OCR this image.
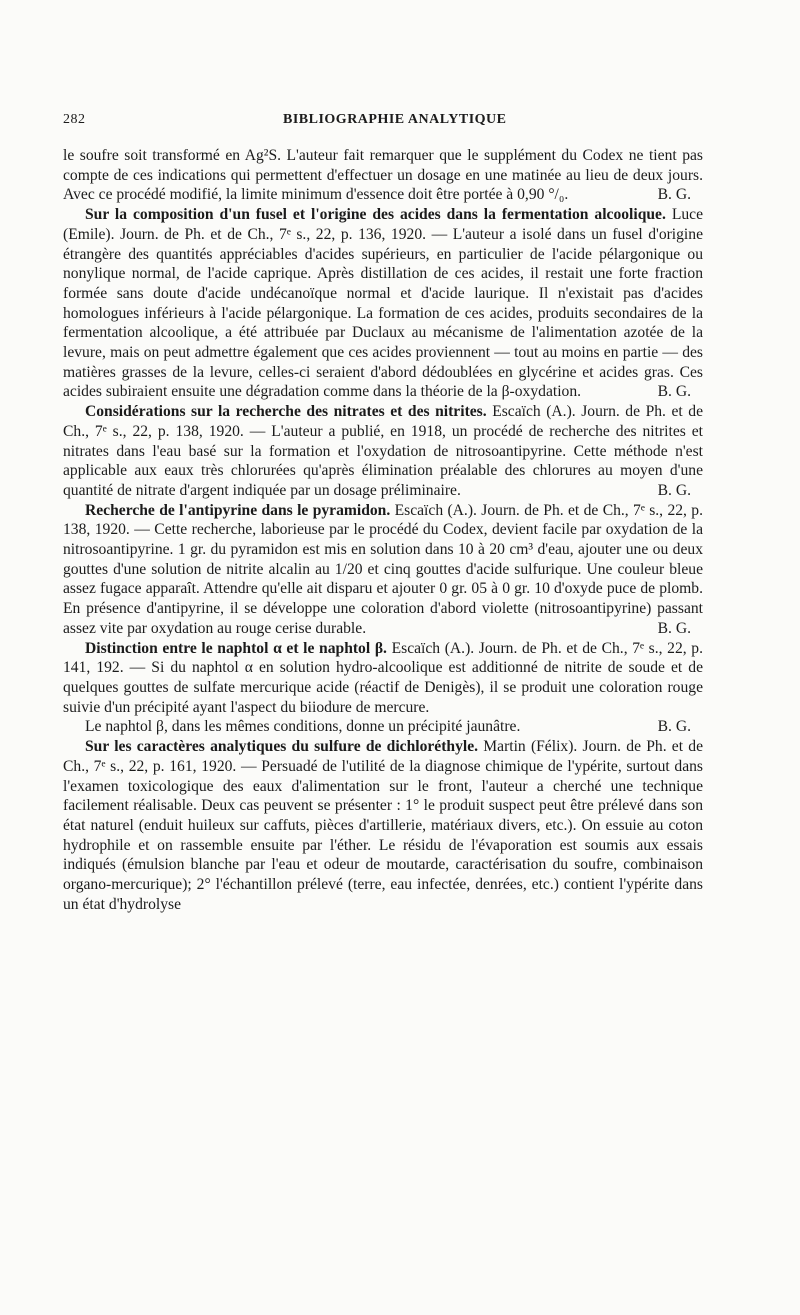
282	BIBLIOGRAPHIE ANALYTIQUE

le soufre soit transformé en Ag²S. L'auteur fait remarquer que le supplément du Codex ne tient pas compte de ces indications qui permettent d'effectuer un dosage en une matinée au lieu de deux jours. Avec ce procédé modifié, la limite minimum d'essence doit être portée à 0,90 °/₀.	B. G.

Sur la composition d'un fusel et l'origine des acides dans la fermentation alcoolique. Luce (Emile). Journ. de Ph. et de Ch., 7ᵉ s., 22, p. 136, 1920. — L'auteur a isolé dans un fusel d'origine étrangère des quantités appréciables d'acides supérieurs, en particulier de l'acide pélargonique ou nonylique normal, de l'acide caprique. Après distillation de ces acides, il restait une forte fraction formée sans doute d'acide undécanoïque normal et d'acide laurique. Il n'existait pas d'acides homologues inférieurs à l'acide pélargonique. La formation de ces acides, produits secondaires de la fermentation alcoolique, a été attribuée par Duclaux au mécanisme de l'alimentation azotée de la levure, mais on peut admettre également que ces acides proviennent — tout au moins en partie — des matières grasses de la levure, celles-ci seraient d'abord dédoublées en glycérine et acides gras. Ces acides subiraient ensuite une dégradation comme dans la théorie de la β-oxydation.	B. G.

Considérations sur la recherche des nitrates et des nitrites. Escaïch (A.). Journ. de Ph. et de Ch., 7ᵉ s., 22, p. 138, 1920. — L'auteur a publié, en 1918, un procédé de recherche des nitrites et nitrates dans l'eau basé sur la formation et l'oxydation de nitrosoantipyrine. Cette méthode n'est applicable aux eaux très chlorurées qu'après élimination préalable des chlorures au moyen d'une quantité de nitrate d'argent indiquée par un dosage préliminaire.	B. G.

Recherche de l'antipyrine dans le pyramidon. Escaïch (A.). Journ. de Ph. et de Ch., 7ᵉ s., 22, p. 138, 1920. — Cette recherche, laborieuse par le procédé du Codex, devient facile par oxydation de la nitrosoantipyrine. 1 gr. du pyramidon est mis en solution dans 10 à 20 cm³ d'eau, ajouter une ou deux gouttes d'une solution de nitrite alcalin au 1/20 et cinq gouttes d'acide sulfurique. Une couleur bleue assez fugace apparaît. Attendre qu'elle ait disparu et ajouter 0 gr. 05 à 0 gr. 10 d'oxyde puce de plomb. En présence d'antipyrine, il se développe une coloration d'abord violette (nitrosoantipyrine) passant assez vite par oxydation au rouge cerise durable.	B. G.

Distinction entre le naphtol α et le naphtol β. Escaïch (A.). Journ. de Ph. et de Ch., 7ᵉ s., 22, p. 141, 192. — Si du naphtol α en solution hydro-alcoolique est additionné de nitrite de soude et de quelques gouttes de sulfate mercurique acide (réactif de Denigès), il se produit une coloration rouge suivie d'un précipité ayant l'aspect du biiodure de mercure.

Le naphtol β, dans les mêmes conditions, donne un précipité jaunâtre.	B. G.

Sur les caractères analytiques du sulfure de dichloréthyle. Martin (Félix). Journ. de Ph. et de Ch., 7ᵉ s., 22, p. 161, 1920. — Persuadé de l'utilité de la diagnose chimique de l'ypérite, surtout dans l'examen toxicologique des eaux d'alimentation sur le front, l'auteur a cherché une technique facilement réalisable. Deux cas peuvent se présenter : 1° le produit suspect peut être prélevé dans son état naturel (enduit huileux sur caffuts, pièces d'artillerie, matériaux divers, etc.). On essuie au coton hydrophile et on rassemble ensuite par l'éther. Le résidu de l'évaporation est soumis aux essais indiqués (émulsion blanche par l'eau et odeur de moutarde, caractérisation du soufre, combinaison organo-mercurique); 2° l'échantillon prélevé (terre, eau infectée, denrées, etc.) contient l'ypérite dans un état d'hydrolyse
